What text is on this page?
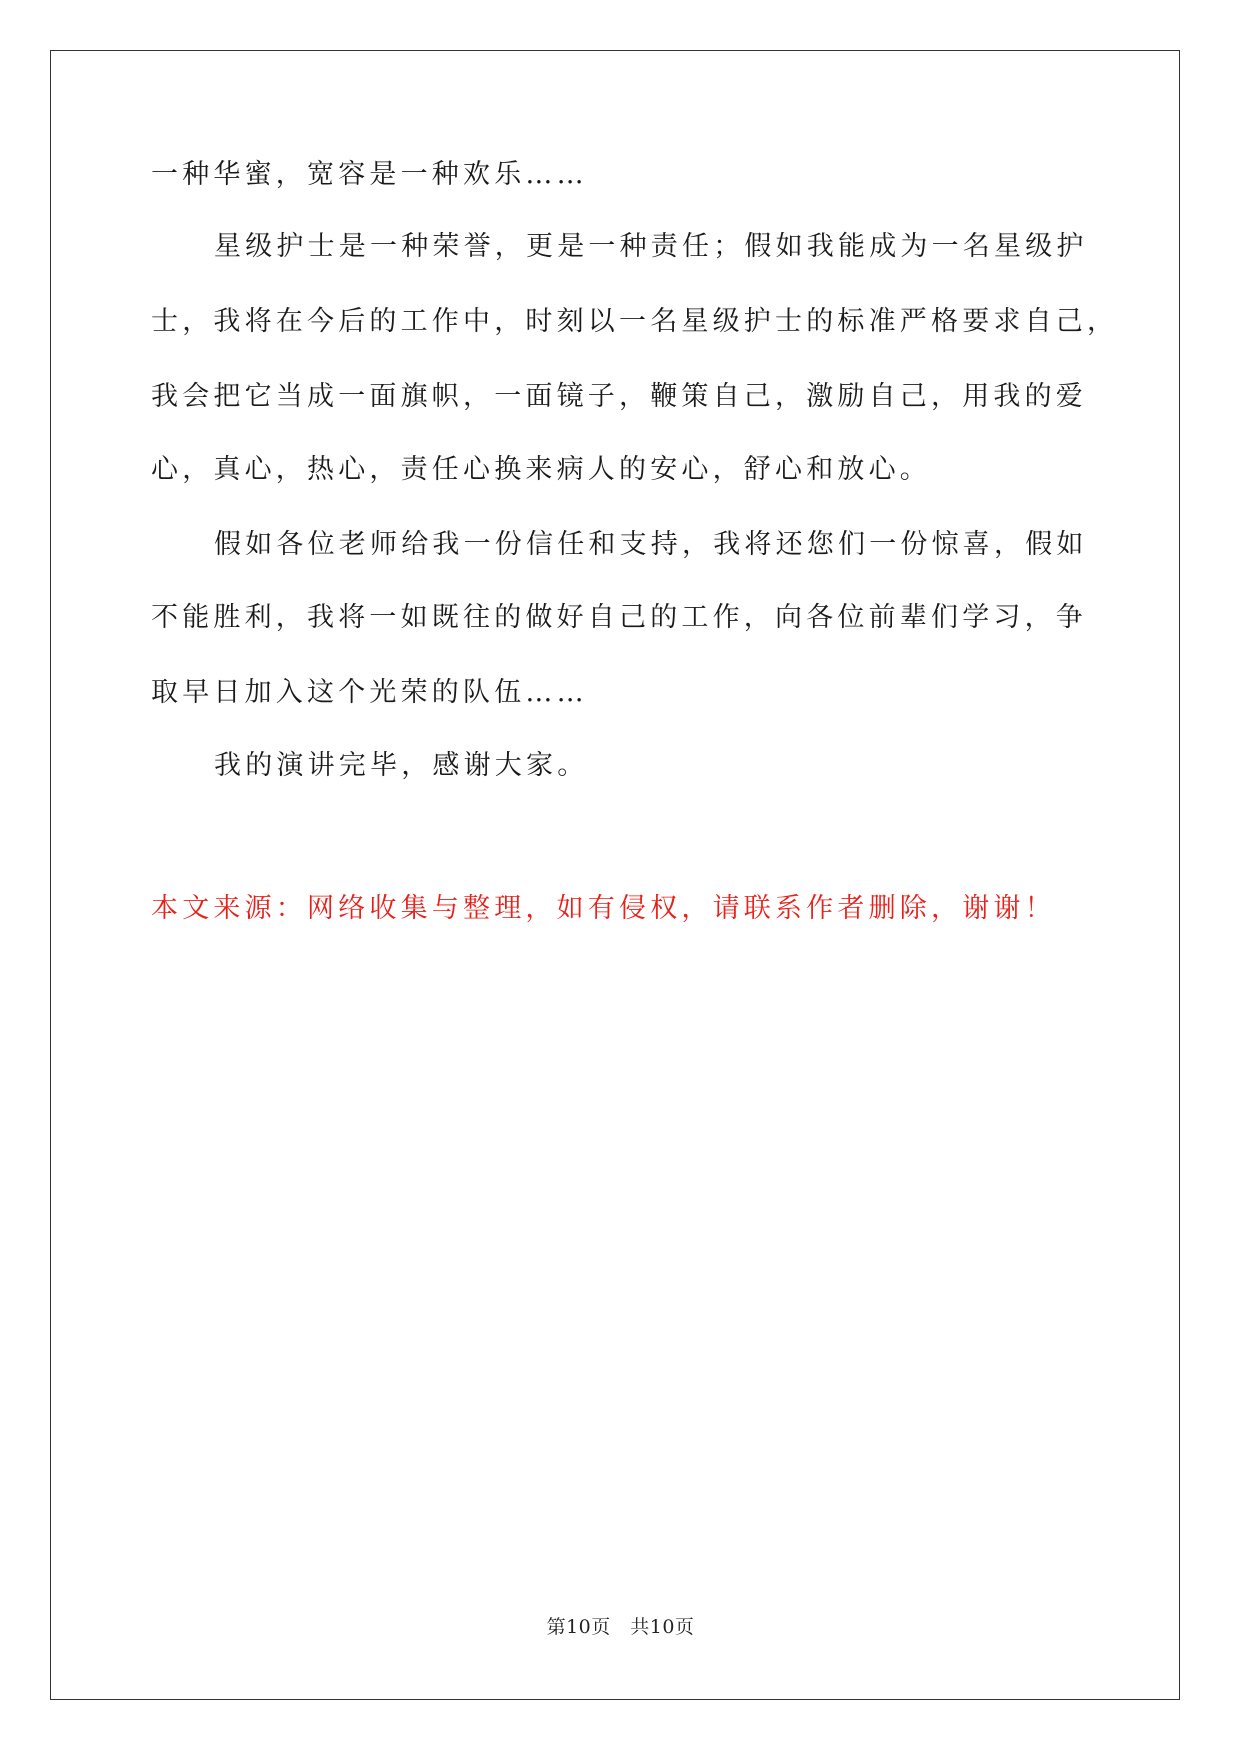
一种华蜜，宽容是一种欢乐……
星级护士是一种荣誉，更是一种责任；假如我能成为一名星级护
士，我将在今后的工作中，时刻以一名星级护士的标准严格要求自己，
我会把它当成一面旗帜，一面镜子，鞭策自己，激励自己，用我的爱
心，真心，热心，责任心换来病人的安心，舒心和放心。
假如各位老师给我一份信任和支持，我将还您们一份惊喜，假如
不能胜利，我将一如既往的做好自己的工作，向各位前辈们学习，争
取早日加入这个光荣的队伍……
我的演讲完毕，感谢大家。
本文来源：网络收集与整理，如有侵权，请联系作者删除，谢谢！
第10页　共10页
